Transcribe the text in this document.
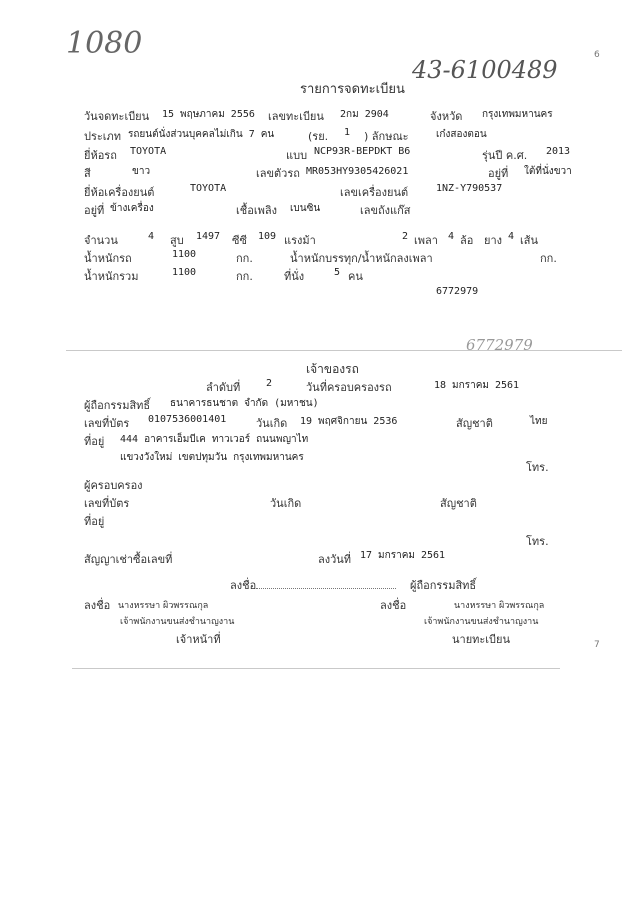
1080
43-6100489
6
7
รายการจดทะเบียน
วันจดทะเบียน 15 พฤษภาคม 2556 เลขทะเบียน 2กม 2904	จังหวัด กรุงเทพมหานคร
ประเภท รถยนต์นั่งส่วนบุคคลไม่เกิน 7 คน	(รย. 1 ) ลักษณะ	เก๋งสองตอน
ยี่ห้อรถ TOYOTA	แบบ NCP93R-BEPDKT B6	รุ่นปี ค.ศ. 2013
สี	ขาว	เลขตัวรถ MR053HY9305426021	อยู่ที่ ใต้ที่นั่งขวา
ยี่ห้อเครื่องยนต์	TOYOTA	เลขเครื่องยนต์	1NZ-Y790537
อยู่ที่ ข้างเครื่อง	เชื้อเพลิง เบนซิน	เลขถังแก๊ส
จำนวน	4 สูบ 1497 ซีซี 109 แรงม้า	2 เพลา 4 ล้อ ยาง 4 เส้น
น้ำหนักรถ	1100	กก.	น้ำหนักบรรทุก/น้ำหนักลงเพลา	กก.
น้ำหนักรวม	1100	กก.	ที่นั่ง	5 คน
6772979
6772979
เจ้าของรถ
ลำดับที่	2	วันที่ครอบครองรถ	18 มกราคม 2561
ผู้ถือกรรมสิทธิ์ ธนาคารธนชาต จำกัด (มหาชน)
เลขที่บัตร 0107536001401	วันเกิด 19 พฤศจิกายน 2536	สัญชาติ	ไทย
ที่อยู่ 444 อาคารเอ็มบีเค ทาวเวอร์ ถนนพญาไท
แขวงวังใหม่ เขตปทุมวัน กรุงเทพมหานคร
โทร.
ผู้ครอบครอง
เลขที่บัตร	วันเกิด	สัญชาติ
ที่อยู่
โทร.
สัญญาเช่าซื้อเลขที่	ลงวันที่ 17 มกราคม 2561
ลงชื่อ	ผู้ถือกรรมสิทธิ์
ลงชื่อ นางหรรษา ผิวพรรณกุล
เจ้าพนักงานขนส่งชำนาญงาน
เจ้าหน้าที่
ลงชื่อ	นางหรรษา ผิวพรรณกุล
เจ้าพนักงานขนส่งชำนาญงาน
นายทะเบียน
